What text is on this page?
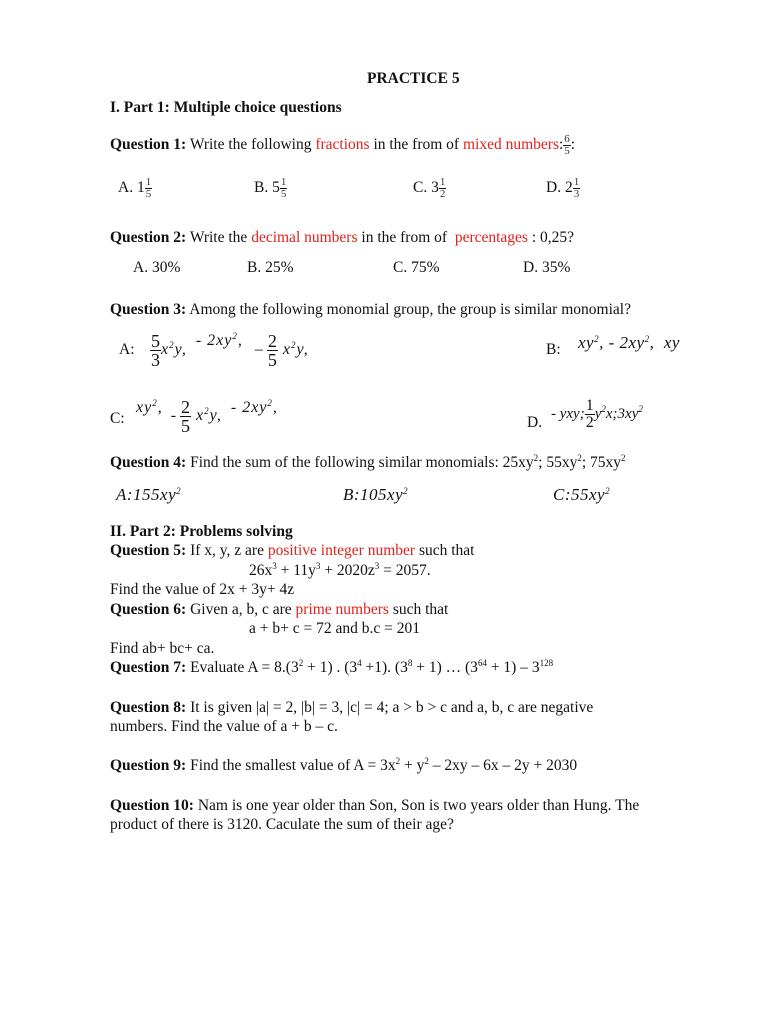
PRACTICE 5
I. Part 1: Multiple choice questions
Question 1: Write the following fractions in the from of mixed numbers: $\frac{6}{5}$ :
A. $1 \frac{1}{5}$	B. $5 \frac{1}{5}$	C. $3 \frac{1}{2}$	D. $2 \frac{1}{3}$
Question 2: Write the decimal numbers in the from of percentages : 0,25?
A. 30%	B. 25%	C. 75%	D. 35%
Question 3: Among the following monomial group, the group is similar monomial?
A: $\frac{5}{3} x^2y$,  - $2xy^2$,   – $\frac{2}{5} x^2y$,	B: $xy^2$, - $2xy^2$,  xy
C:
$xy^2$,  - $\frac{2}{5} x^2y$,  - $2xy^2$,
D.
- yxy; $\frac{1}{2}$ $y^2x;3xy^2$
Question 4: Find the sum of the following similar monomials: $25xy^2$; $55xy^2$; $75xy^2$
$A:155xy^2$	$B:105xy^2$	$C:55xy^2$
II. Part 2: Problems solving
Question 5: If x, y, z are positive integer number such that
$26x^3 + 11y^3 + 2020z^3 = 2057$.
Find the value of 2x + 3y+ 4z
Question 6: Given a, b, c are prime numbers such that
a + b+ c = 72 and b.c = 201
Find ab+ bc+ ca.
Question 7: Evaluate $A = 8.(3^2 + 1)$ . $(3^4 +1)$. $(3^8 + 1)$ … $(3^{64} + 1) - 3^{128}$
Question 8: It is given |a| = 2, |b| = 3, |c| = 4; a > b > c and a, b, c are negative
numbers. Find the value of a + b – c.
Question 9: Find the smallest value of $A = 3x^2 + y^2 - 2xy - 6x - 2y + 2030$
Question 10: Nam is one year older than Son, Son is two years older than Hung. The
product of there is 3120. Caculate the sum of their age?
